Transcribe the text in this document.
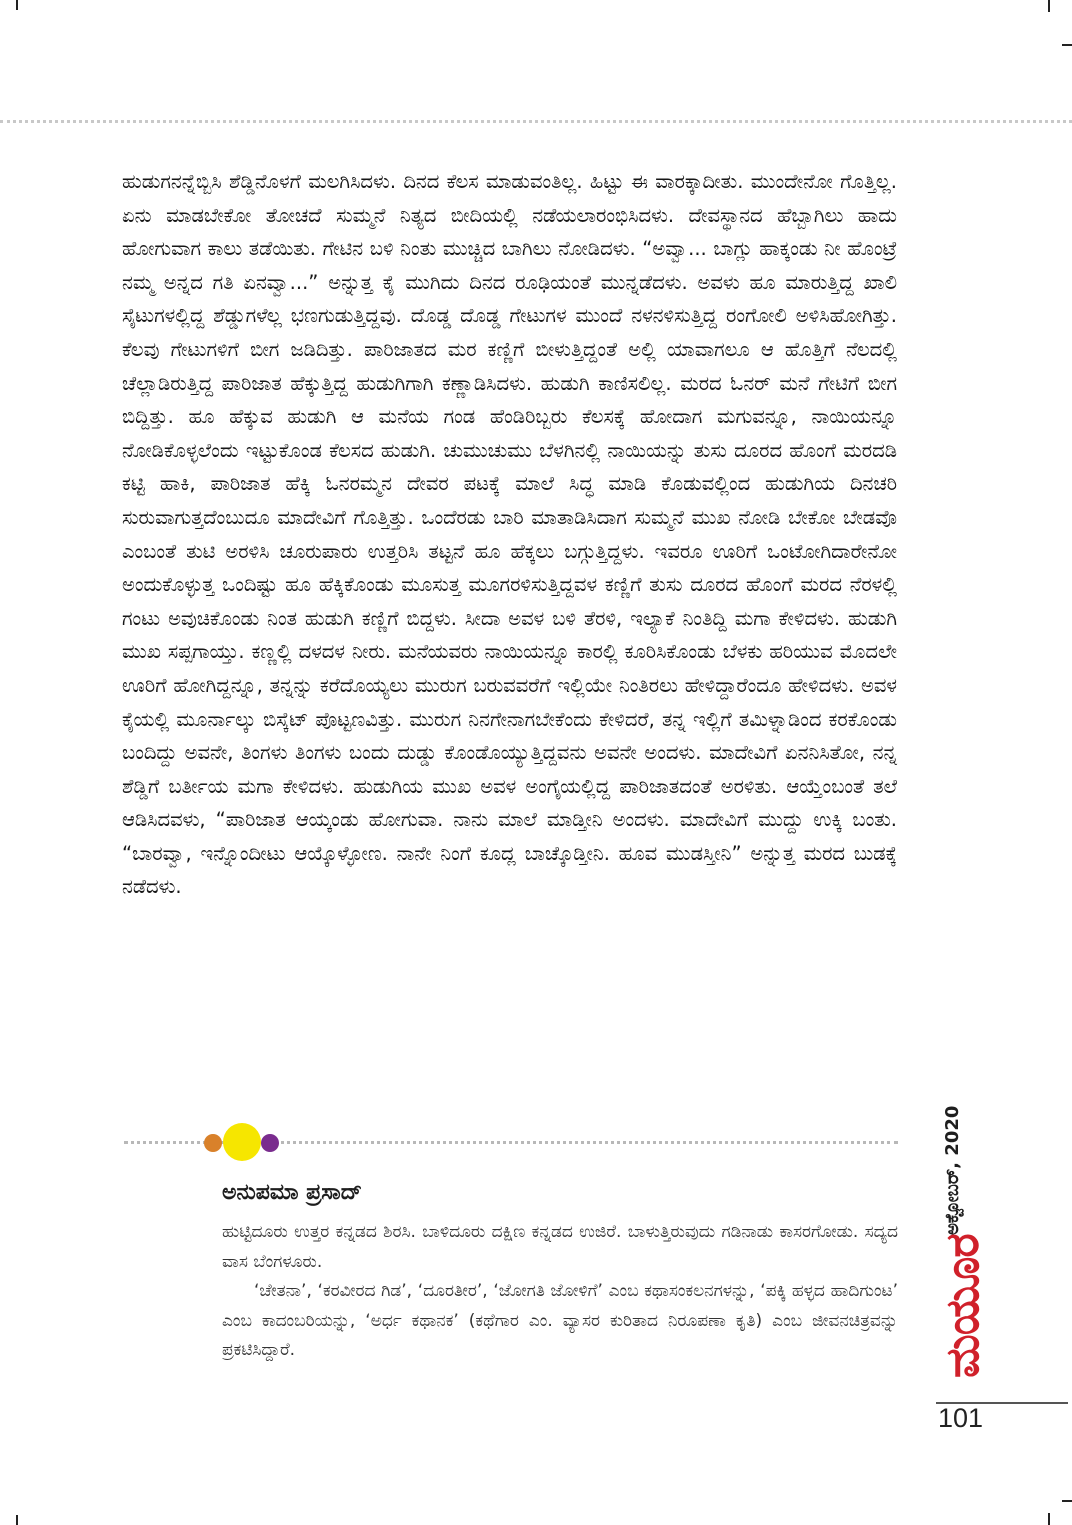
ಹುಡುಗನನ್ನೆಬ್ಬಿಸಿ ಶೆಡ್ಡಿನೊಳಗೆ ಮಲಗಿಸಿದಳು. ದಿನದ ಕೆಲಸ ಮಾಡುವಂತಿಲ್ಲ. ಹಿಟ್ಟು ಈ ವಾರಕ್ಕಾದೀತು. ಮುಂದೇನೋ ಗೊತ್ತಿಲ್ಲ. ಏನು ಮಾಡಬೇಕೋ ತೋಚದೆ ಸುಮ್ಮನೆ ನಿತ್ಯದ ಬೀದಿಯಲ್ಲಿ ನಡೆಯಲಾರಂಭಿಸಿದಳು. ದೇವಸ್ಥಾನದ ಹೆಬ್ಬಾಗಿಲು ಹಾದು ಹೋಗುವಾಗ ಕಾಲು ತಡೆಯಿತು. ಗೇಟಿನ ಬಳಿ ನಿಂತು ಮುಚ್ಚಿದ ಬಾಗಿಲು ನೋಡಿದಳು. “ಅವ್ವಾ... ಬಾಗ್ಲು ಹಾಕ್ಕಂಡು ನೀ ಹೊಂಟ್ರೆ ನಮ್ಮ ಅನ್ನದ ಗತಿ ಏನವ್ವಾ...” ಅನ್ನುತ್ತ ಕೈ ಮುಗಿದು ದಿನದ ರೂಢಿಯಂತೆ ಮುನ್ನಡೆದಳು. ಅವಳು ಹೂ ಮಾರುತ್ತಿದ್ದ ಖಾಲಿ ಸೈಟುಗಳಲ್ಲಿದ್ದ ಶೆಡ್ಡುಗಳೆಲ್ಲ ಭಣಗುಡುತ್ತಿದ್ದವು. ದೊಡ್ಡ ದೊಡ್ಡ ಗೇಟುಗಳ ಮುಂದೆ ನಳನಳಿಸುತ್ತಿದ್ದ ರಂಗೋಲಿ ಅಳಿಸಿಹೋಗಿತ್ತು. ಕೆಲವು ಗೇಟುಗಳಿಗೆ ಬೀಗ ಜಡಿದಿತ್ತು. ಪಾರಿಜಾತದ ಮರ ಕಣ್ಣಿಗೆ ಬೀಳುತ್ತಿದ್ದಂತೆ ಅಲ್ಲಿ ಯಾವಾಗಲೂ ಆ ಹೊತ್ತಿಗೆ ನೆಲದಲ್ಲಿ ಚೆಲ್ಲಾಡಿರುತ್ತಿದ್ದ ಪಾರಿಜಾತ ಹೆಕ್ಕುತ್ತಿದ್ದ ಹುಡುಗಿಗಾಗಿ ಕಣ್ಣಾಡಿಸಿದಳು. ಹುಡುಗಿ ಕಾಣಿಸಲಿಲ್ಲ. ಮರದ ಓನರ್ ಮನೆ ಗೇಟಿಗೆ ಬೀಗ ಬಿದ್ದಿತ್ತು. ಹೂ ಹೆಕ್ಕುವ ಹುಡುಗಿ ಆ ಮನೆಯ ಗಂಡ ಹೆಂಡಿರಿಬ್ಬರು ಕೆಲಸಕ್ಕೆ ಹೋದಾಗ ಮಗುವನ್ನೂ, ನಾಯಿಯನ್ನೂ ನೋಡಿಕೊಳ್ಳಲೆಂದು ಇಟ್ಟುಕೊಂಡ ಕೆಲಸದ ಹುಡುಗಿ. ಚುಮುಚುಮು ಬೆಳಗಿನಲ್ಲಿ ನಾಯಿಯನ್ನು ತುಸು ದೂರದ ಹೊಂಗೆ ಮರದಡಿ ಕಟ್ಟಿ ಹಾಕಿ, ಪಾರಿಜಾತ ಹೆಕ್ಕಿ ಓನರಮ್ಮನ ದೇವರ ಪಟಕ್ಕೆ ಮಾಲೆ ಸಿದ್ಧ ಮಾಡಿ ಕೊಡುವಲ್ಲಿಂದ ಹುಡುಗಿಯ ದಿನಚರಿ ಸುರುವಾಗುತ್ತದೆಂಬುದೂ ಮಾದೇವಿಗೆ ಗೊತ್ತಿತ್ತು. ಒಂದೆರಡು ಬಾರಿ ಮಾತಾಡಿಸಿದಾಗ ಸುಮ್ಮನೆ ಮುಖ ನೋಡಿ ಬೇಕೋ ಬೇಡವೊ ಎಂಬಂತೆ ತುಟಿ ಅರಳಿಸಿ ಚೂರುಪಾರು ಉತ್ತರಿಸಿ ತಟ್ಟನೆ ಹೂ ಹೆಕ್ಕಲು ಬಗ್ಗುತ್ತಿದ್ದಳು. ಇವರೂ ಊರಿಗೆ ಒಂಟೋಗಿದಾರೇನೋ ಅಂದುಕೊಳ್ಳುತ್ತ ಒಂದಿಷ್ಟು ಹೂ ಹೆಕ್ಕಿಕೊಂಡು ಮೂಸುತ್ತ ಮೂಗರಳಿಸುತ್ತಿದ್ದವಳ ಕಣ್ಣಿಗೆ ತುಸು ದೂರದ ಹೊಂಗೆ ಮರದ ನೆರಳಲ್ಲಿ ಗಂಟು ಅವುಚಿಕೊಂಡು ನಿಂತ ಹುಡುಗಿ ಕಣ್ಣಿಗೆ ಬಿದ್ದಳು. ಸೀದಾ ಅವಳ ಬಳಿ ತೆರಳಿ, ಇಲ್ಯಾಕೆ ನಿಂತಿದ್ದಿ ಮಗಾ ಕೇಳಿದಳು. ಹುಡುಗಿ ಮುಖ ಸಪ್ಪಗಾಯ್ತು. ಕಣ್ಣಲ್ಲಿ ದಳದಳ ನೀರು. ಮನೆಯವರು ನಾಯಿಯನ್ನೂ ಕಾರಲ್ಲಿ ಕೂರಿಸಿಕೊಂಡು ಬೆಳಕು ಹರಿಯುವ ಮೊದಲೇ ಊರಿಗೆ ಹೋಗಿದ್ದನ್ನೂ, ತನ್ನನ್ನು ಕರೆದೊಯ್ಯಲು ಮುರುಗ ಬರುವವರೆಗೆ ಇಲ್ಲಿಯೇ ನಿಂತಿರಲು ಹೇಳಿದ್ದಾರೆಂದೂ ಹೇಳಿದಳು. ಅವಳ ಕೈಯಲ್ಲಿ ಮೂರ್ನಾಲ್ಕು ಬಿಸ್ಕೆಟ್ ಪೊಟ್ಟಣವಿತ್ತು. ಮುರುಗ ನಿನಗೇನಾಗಬೇಕೆಂದು ಕೇಳಿದರೆ, ತನ್ನ ಇಲ್ಲಿಗೆ ತಮಿಳ್ನಾಡಿಂದ ಕರಕೊಂಡು ಬಂದಿದ್ದು ಅವನೇ, ತಿಂಗಳು ತಿಂಗಳು ಬಂದು ದುಡ್ಡು ಕೊಂಡೊಯ್ಯುತ್ತಿದ್ದವನು ಅವನೇ ಅಂದಳು. ಮಾದೇವಿಗೆ ಏನನಿಸಿತೋ, ನನ್ನ ಶೆಡ್ಡಿಗೆ ಬರ್ತೀಯ ಮಗಾ ಕೇಳಿದಳು. ಹುಡುಗಿಯ ಮುಖ ಅವಳ ಅಂಗೈಯಲ್ಲಿದ್ದ ಪಾರಿಜಾತದಂತೆ ಅರಳಿತು. ಆಯ್ತೆಂಬಂತೆ ತಲೆ ಆಡಿಸಿದವಳು, “ಪಾರಿಜಾತ ಆಯ್ಕಂಡು ಹೋಗುವಾ. ನಾನು ಮಾಲೆ ಮಾಡ್ತೀನಿ ಅಂದಳು. ಮಾದೇವಿಗೆ ಮುದ್ದು ಉಕ್ಕಿ ಬಂತು. “ಬಾರವ್ವಾ, ಇನ್ನೊಂದೀಟು ಆಯ್ಕೊಳ್ಳೋಣ. ನಾನೇ ನಿಂಗೆ ಕೂದ್ಲ ಬಾಚ್ಕೊಡ್ತೀನಿ. ಹೂವ ಮುಡಸ್ತೀನಿ” ಅನ್ನುತ್ತ ಮರದ ಬುಡಕ್ಕೆ ನಡೆದಳು.

ಅನುಪಮಾ ಪ್ರಸಾದ್

ಹುಟ್ಟಿದೂರು ಉತ್ತರ ಕನ್ನಡದ ಶಿರಸಿ. ಬಾಳಿದೂರು ದಕ್ಷಿಣ ಕನ್ನಡದ ಉಜಿರೆ. ಬಾಳುತ್ತಿರುವುದು ಗಡಿನಾಡು ಕಾಸರಗೋಡು. ಸದ್ಯದ ವಾಸ ಬೆಂಗಳೂರು.

‘ಚೇತನಾ’, ‘ಕರವೀರದ ಗಿಡ’, ‘ದೂರತೀರ’, ‘ಜೋಗತಿ ಜೋಳಿಗೆ’ ಎಂಬ ಕಥಾಸಂಕಲನಗಳನ್ನು, ‘ಪಕ್ಕಿ ಹಳ್ಳದ ಹಾದಿಗುಂಟ’ ಎಂಬ ಕಾದಂಬರಿಯನ್ನು, ‘ಅರ್ಧ ಕಥಾನಕ’ (ಕಥೆಗಾರ ಎಂ. ವ್ಯಾಸರ ಕುರಿತಾದ ನಿರೂಪಣಾ ಕೃತಿ) ಎಂಬ ಜೀವನಚಿತ್ರವನ್ನು ಪ್ರಕಟಿಸಿದ್ದಾರೆ.

ಅಕ್ಟೋಬರ್, 2020
ಮಯೂರ
101
